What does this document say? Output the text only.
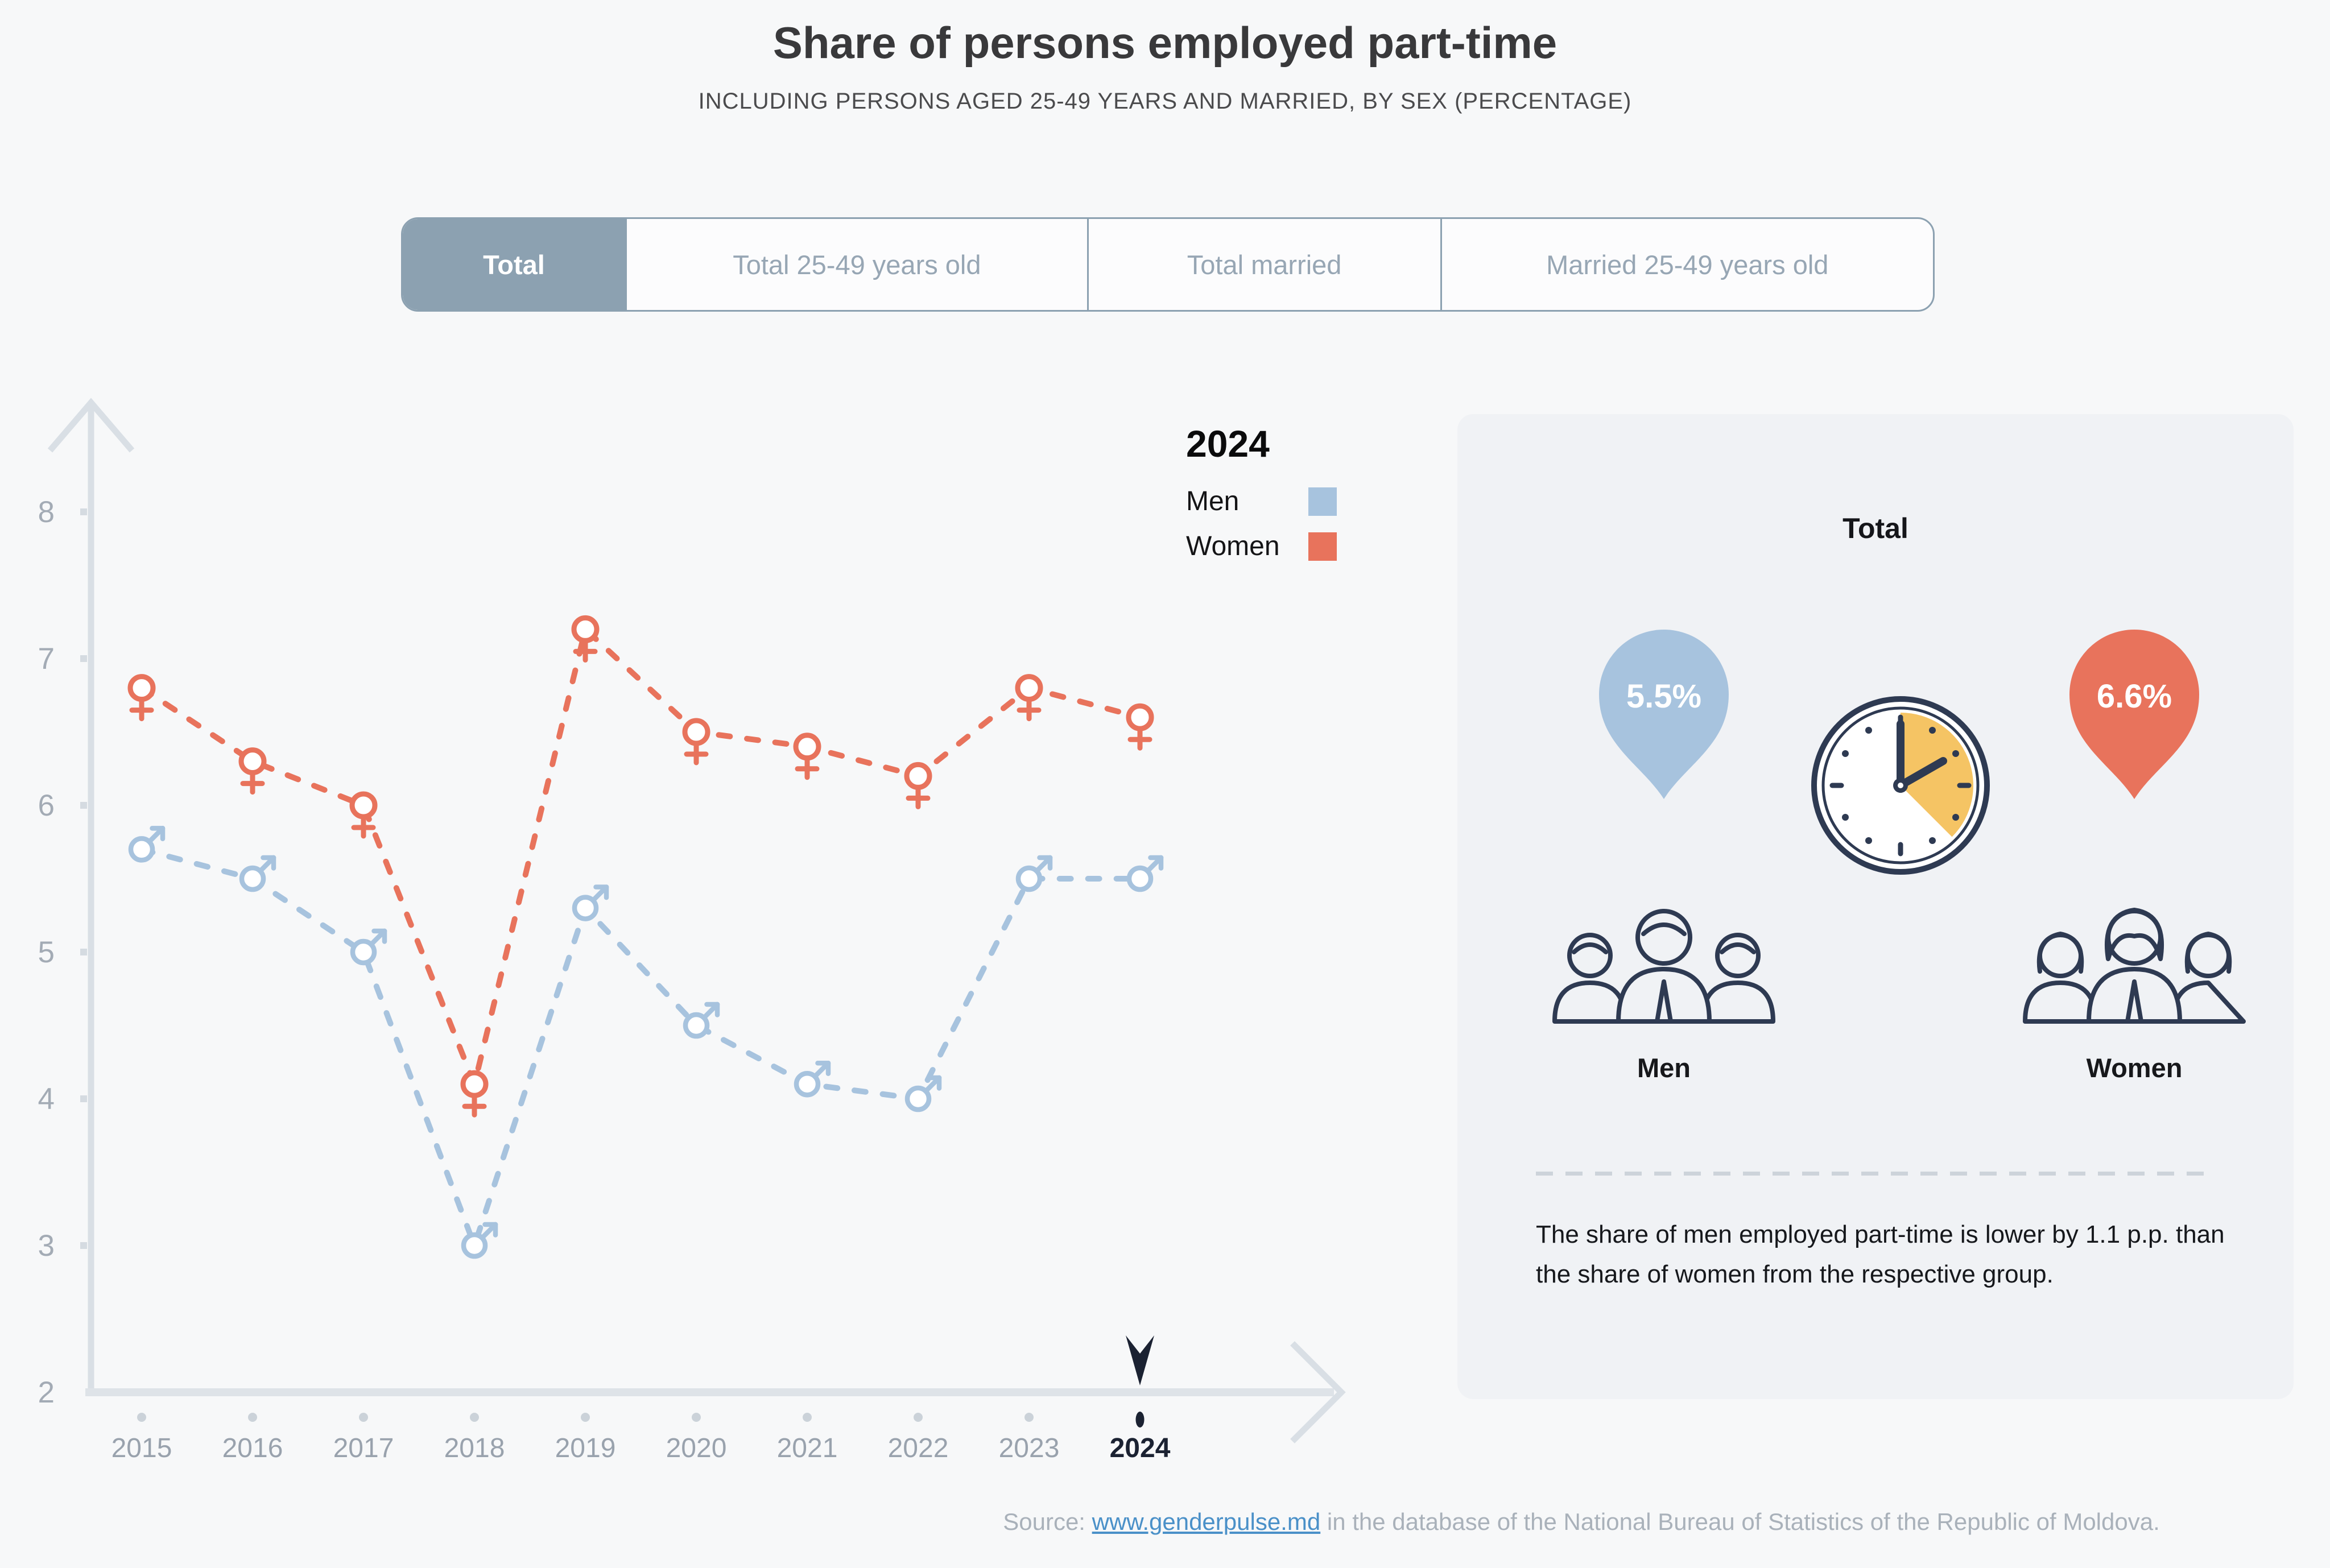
Share of persons employed part-time
INCLUDING PERSONS AGED 25-49 YEARS AND MARRIED, BY SEX (PERCENTAGE)
Total	Total 25-49 years old	Total married	Married 25-49 years old
2
3
4
5
6
7
8
2015 2016 2017 2018 2019 2020 2021 2022 2023 2024
2024
Men
Women
Total
5.5%	6.6%
Men	Women
The share of men employed part-time is lower by 1.1 p.p. than the share of women from the respective group.
Source: www.genderpulse.md in the database of the National Bureau of Statistics of the Republic of Moldova.
